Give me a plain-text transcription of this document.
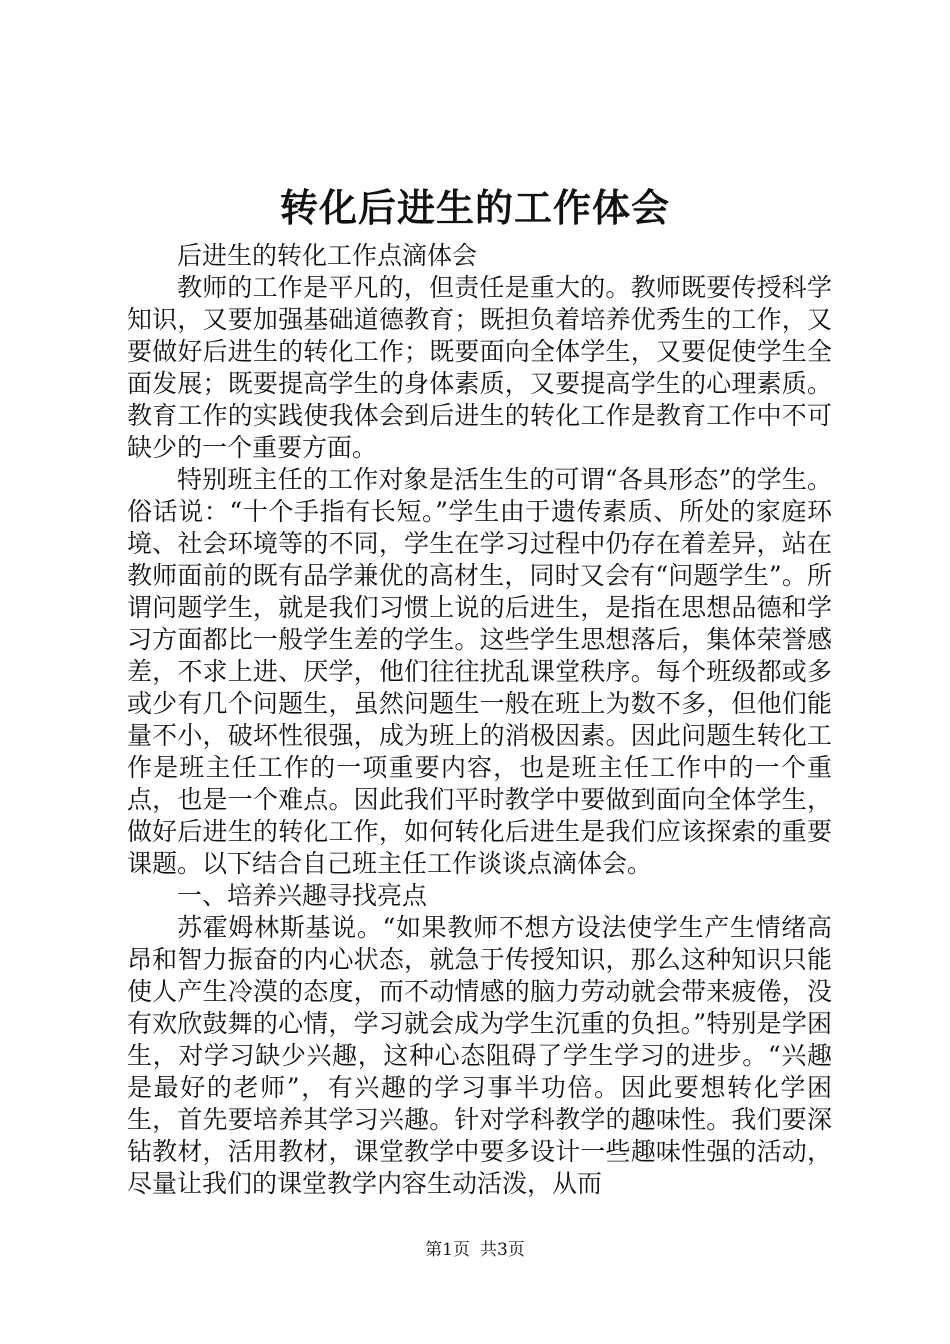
转化后进生的工作体会

后进生的转化工作点滴体会

教师的工作是平凡的，但责任是重大的。教师既要传授科学知识，又要加强基础道德教育；既担负着培养优秀生的工作，又要做好后进生的转化工作；既要面向全体学生，又要促使学生全面发展；既要提高学生的身体素质，又要提高学生的心理素质。教育工作的实践使我体会到后进生的转化工作是教育工作中不可缺少的一个重要方面。

特别班主任的工作对象是活生生的可谓“各具形态”的学生。俗话说：“十个手指有长短。”学生由于遗传素质、所处的家庭环境、社会环境等的不同，学生在学习过程中仍存在着差异，站在教师面前的既有品学兼优的高材生，同时又会有“问题学生”。所谓问题学生，就是我们习惯上说的后进生，是指在思想品德和学习方面都比一般学生差的学生。这些学生思想落后，集体荣誉感差，不求上进、厌学，他们往往扰乱课堂秩序。每个班级都或多或少有几个问题生，虽然问题生一般在班上为数不多，但他们能量不小，破坏性很强，成为班上的消极因素。因此问题生转化工作是班主任工作的一项重要内容，也是班主任工作中的一个重点，也是一个难点。因此我们平时教学中要做到面向全体学生，做好后进生的转化工作，如何转化后进生是我们应该探索的重要课题。以下结合自己班主任工作谈谈点滴体会。

一、培养兴趣寻找亮点

苏霍姆林斯基说。“如果教师不想方设法使学生产生情绪高昂和智力振奋的内心状态，就急于传授知识，那么这种知识只能使人产生冷漠的态度，而不动情感的脑力劳动就会带来疲倦，没有欢欣鼓舞的心情，学习就会成为学生沉重的负担。”特别是学困生，对学习缺少兴趣，这种心态阻碍了学生学习的进步。“兴趣是最好的老师”，有兴趣的学习事半功倍。因此要想转化学困生，首先要培养其学习兴趣。针对学科教学的趣味性。我们要深钻教材，活用教材，课堂教学中要多设计一些趣味性强的活动，尽量让我们的课堂教学内容生动活泼，从而

第1页 共3页
